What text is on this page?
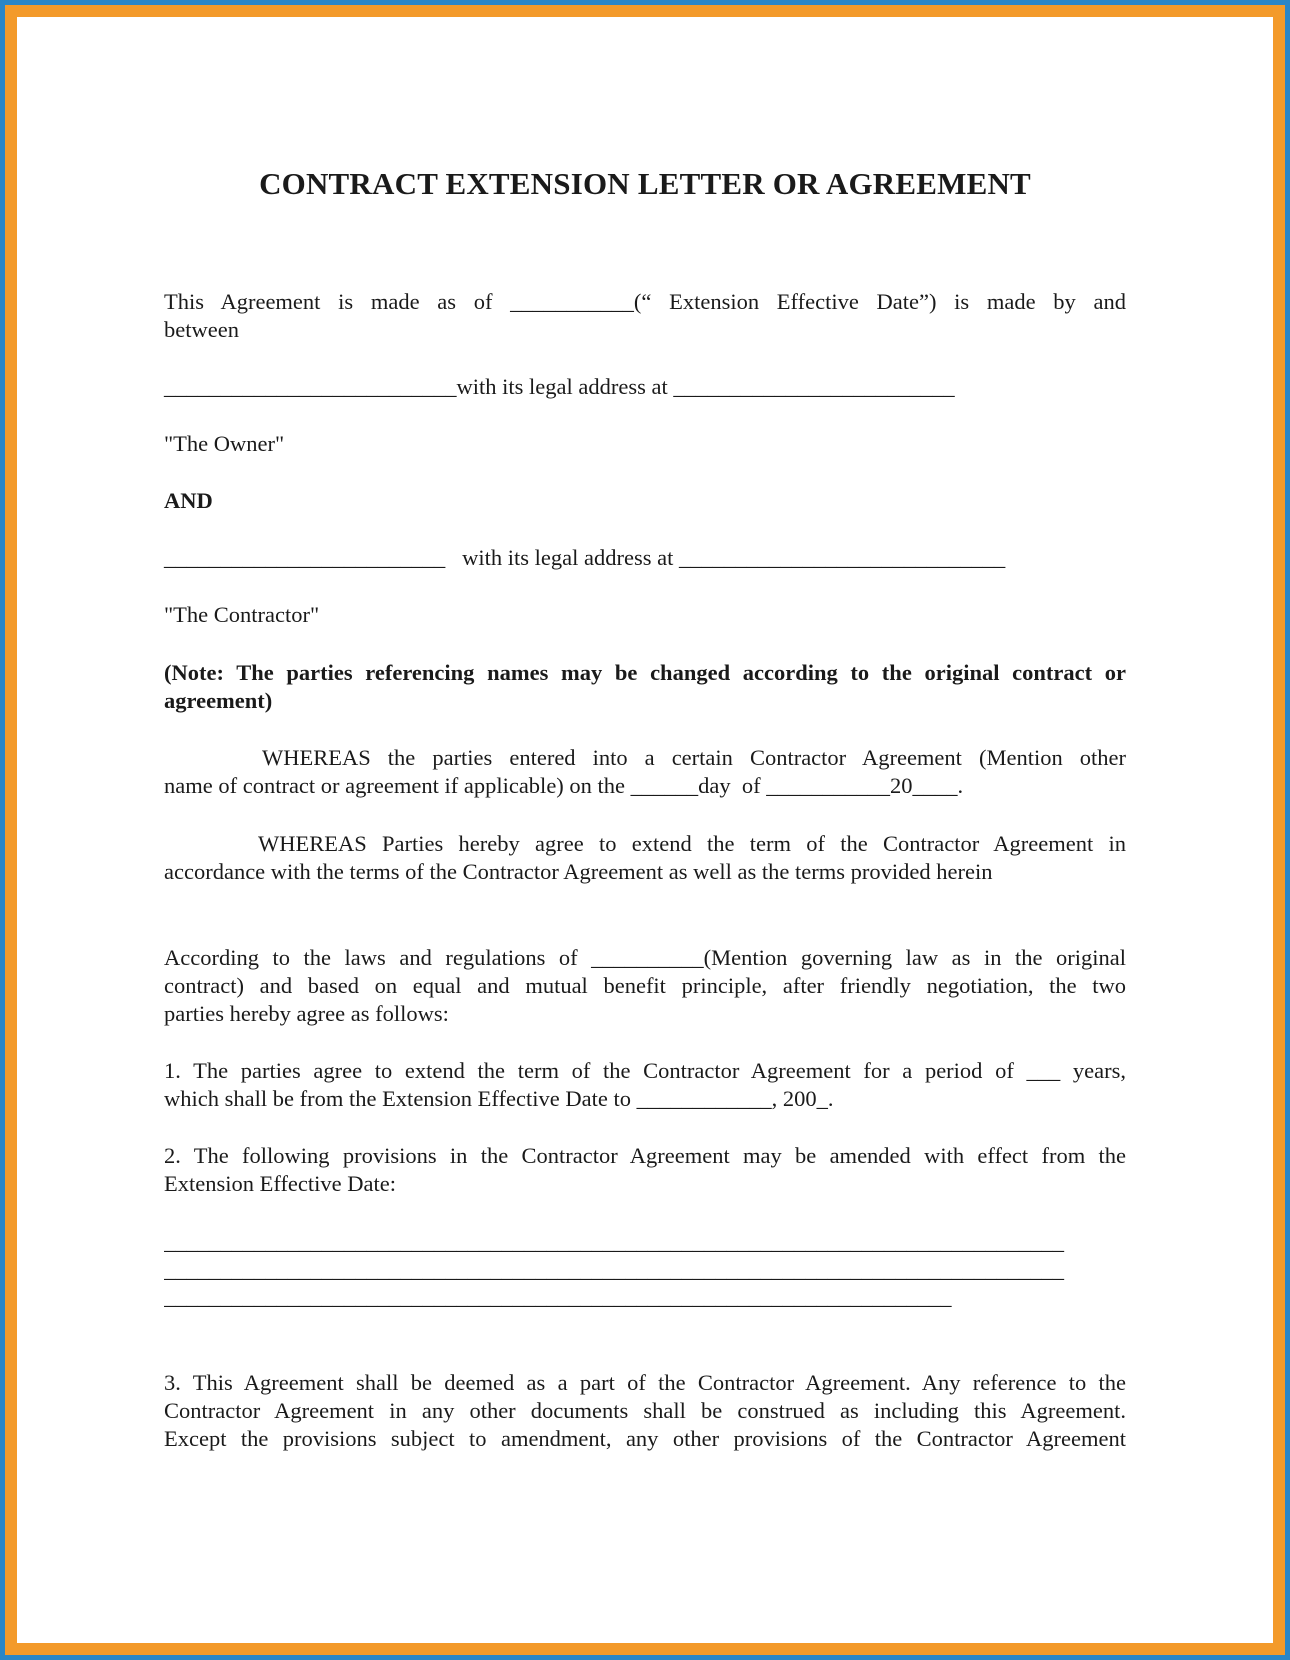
CONTRACT EXTENSION LETTER OR AGREEMENT
This Agreement is made as of ___________(“ Extension Effective Date”) is made by and
between
__________________________with its legal address at _________________________
"The Owner"
AND
_________________________   with its legal address at _____________________________
"The Contractor"
(Note: The parties referencing names may be changed according to the original contract or
agreement)
WHEREAS the parties entered into a certain Contractor Agreement (Mention other
name of contract or agreement if applicable) on the ______day  of ___________20____.
WHEREAS Parties hereby agree to extend the term of the Contractor Agreement in
accordance with the terms of the Contractor Agreement as well as the terms provided herein
According to the laws and regulations of __________(Mention governing law as in the original
contract) and based on equal and mutual benefit principle, after friendly negotiation, the two
parties hereby agree as follows:
1. The parties agree to extend the term of the Contractor Agreement for a period of ___ years,
which shall be from the Extension Effective Date to ____________, 200_.
2. The following provisions in the Contractor Agreement may be amended with effect from the
Extension Effective Date:
________________________________________________________________________________
________________________________________________________________________________
______________________________________________________________________
3. This Agreement shall be deemed as a part of the Contractor Agreement. Any reference to the
Contractor Agreement in any other documents shall be construed as including this Agreement.
Except the provisions subject to amendment, any other provisions of the Contractor Agreement
